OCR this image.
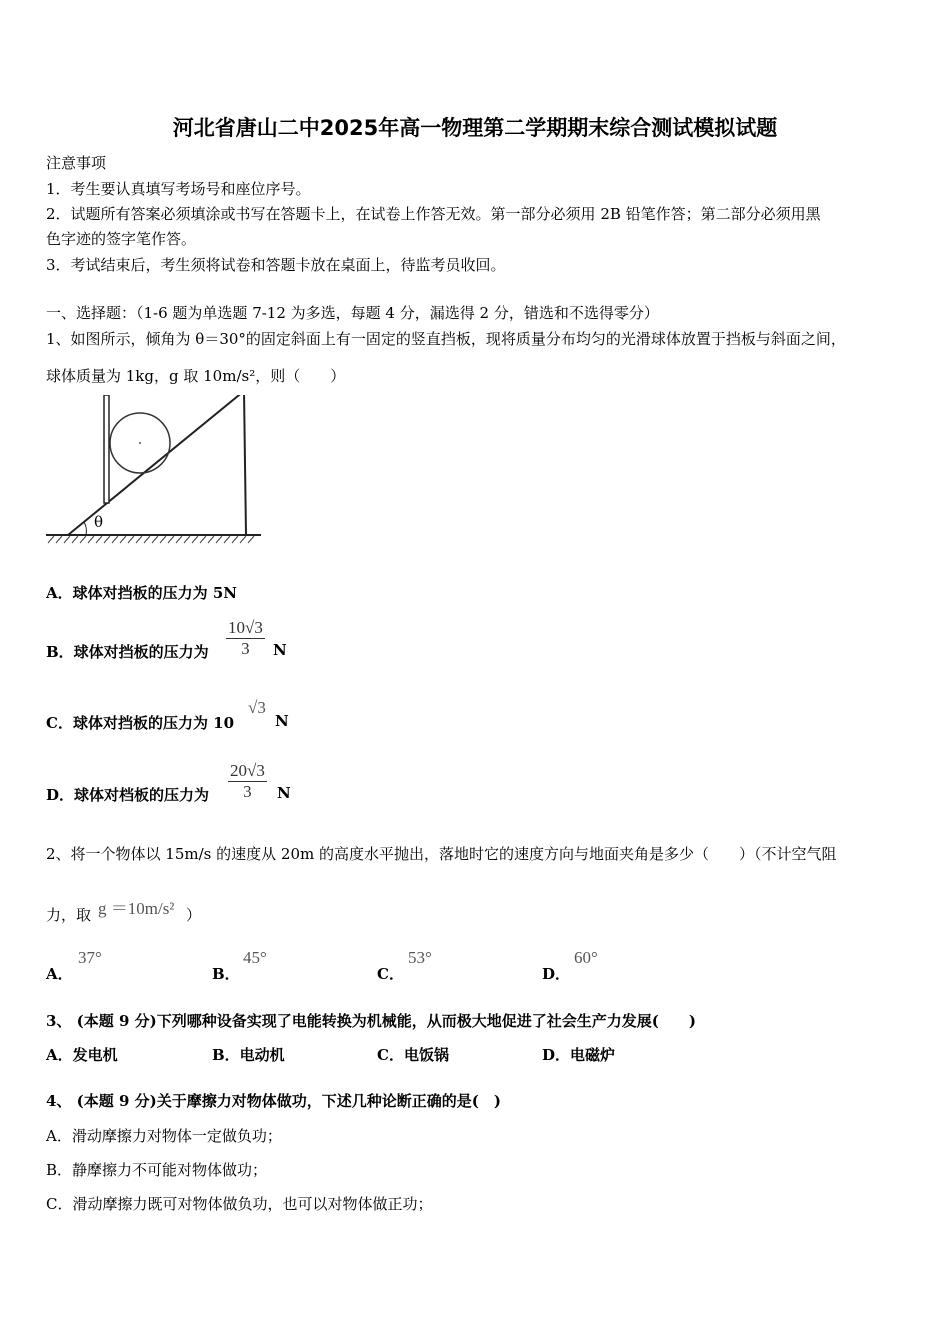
河北省唐山二中2025年高一物理第二学期期末综合测试模拟试题
注意事项
1．考生要认真填写考场号和座位序号。
2．试题所有答案必须填涂或书写在答题卡上，在试卷上作答无效。第一部分必须用 2B 铅笔作答；第二部分必须用黑
色字迹的签字笔作答。
3．考试结束后，考生须将试卷和答题卡放在桌面上，待监考员收回。
一、选择题：（1-6 题为单选题 7-12 为多选，每题 4 分，漏选得 2 分，错选和不选得零分）
1、如图所示，倾角为 θ＝30°的固定斜面上有一固定的竖直挡板，现将质量分布均匀的光滑球体放置于挡板与斜面之间，
球体质量为 1kg，g 取 10m/s²，则（　　）
θ
A．球体对挡板的压力为 5N
B．球体对挡板的压力为
10√3
3	N
C．球体对挡板的压力为 10
√3
N
D．球体对档板的压力为
20√3
3	N
2、将一个物体以 15m/s 的速度从 20m 的高度水平抛出，落地时它的速度方向与地面夹角是多少（　　）（不计空气阻
力，取 g ＝10m/s² ）
A．
37°
B．
45°
C．
53°
D．
60°
3、 (本题 9 分)下列哪种设备实现了电能转换为机械能，从而极大地促进了社会生产力发展(　　)
A．发电机	B．电动机	C．电饭锅	D．电磁炉
4、 (本题 9 分)关于摩擦力对物体做功，下述几种论断正确的是(　)
A．滑动摩擦力对物体一定做负功；
B．静摩擦力不可能对物体做功；
C．滑动摩擦力既可对物体做负功，也可以对物体做正功；
